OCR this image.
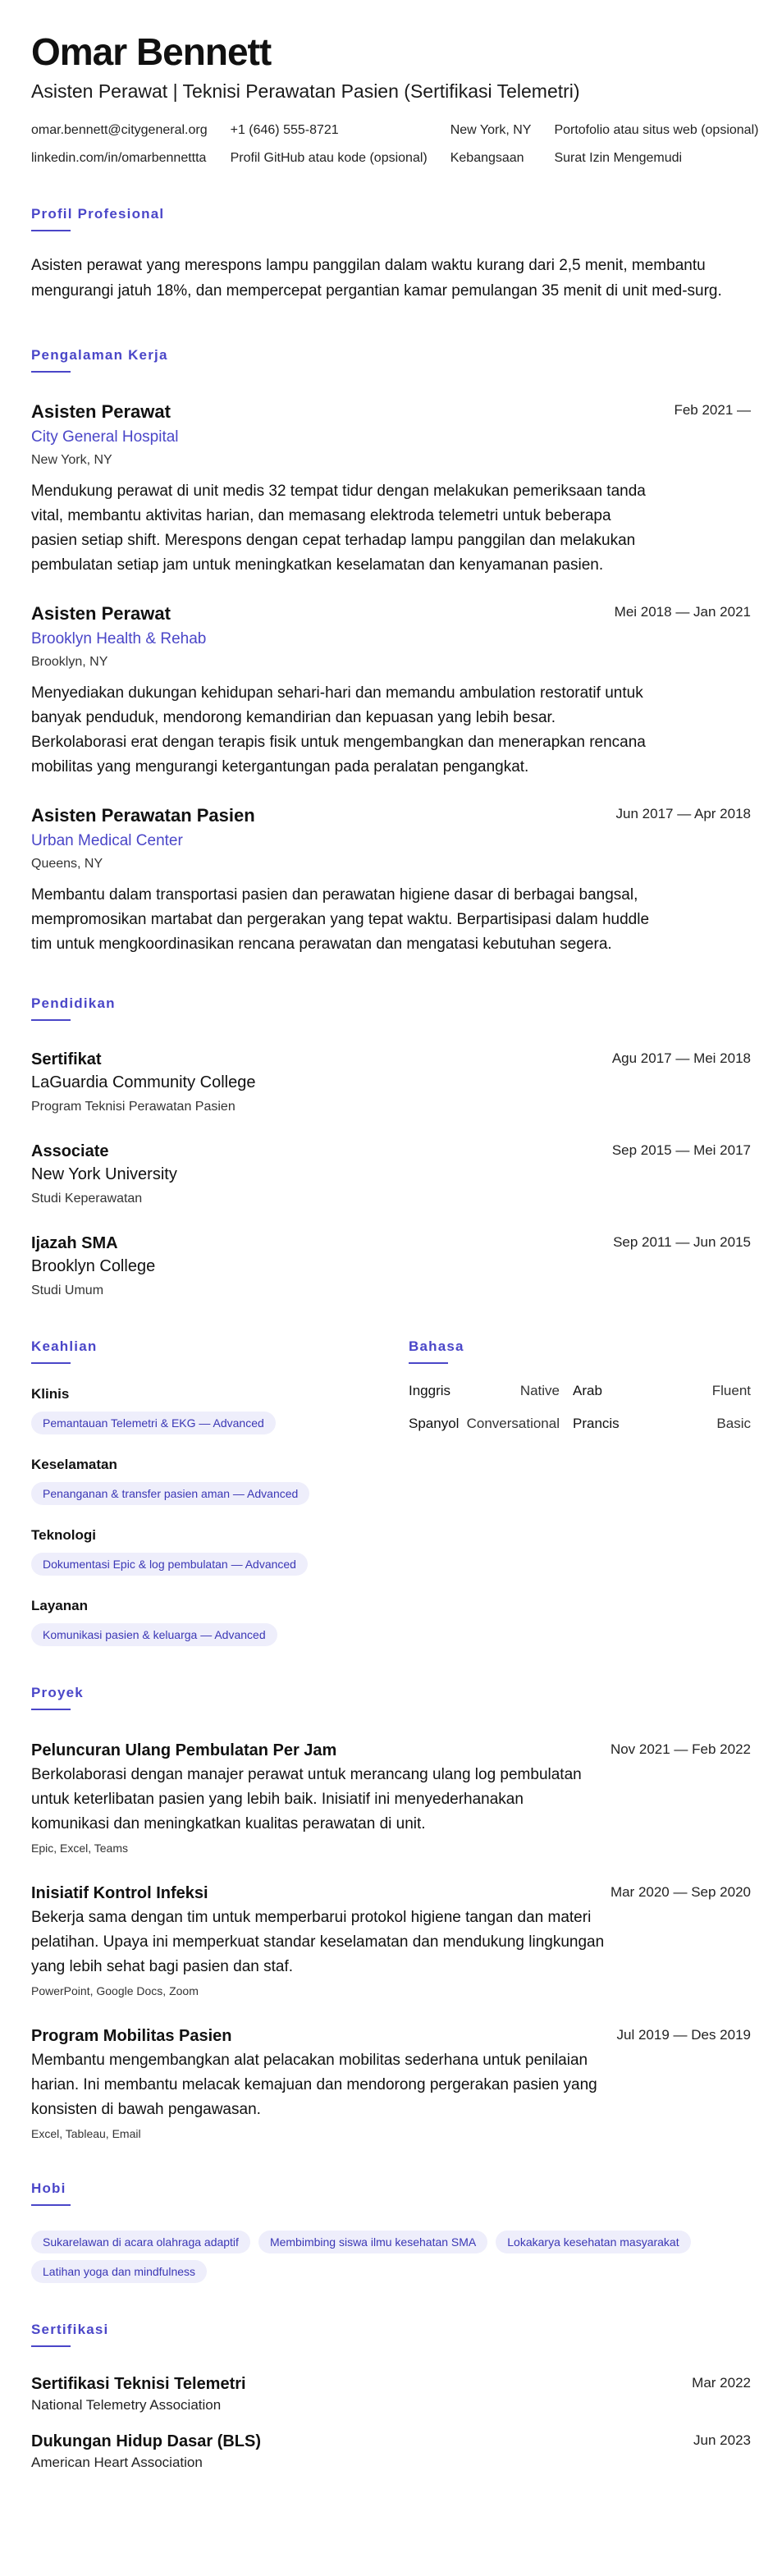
Omar Bennett
Asisten Perawat | Teknisi Perawatan Pasien (Sertifikasi Telemetri)
omar.bennett@citygeneral.org +1 (646) 555-8721	New York, NY Portofolio atau situs web (opsional)
linkedin.com/in/omarbennettta Profil GitHub atau kode (opsional) Kebangsaan	Surat Izin Mengemudi
Profil Profesional
Asisten perawat yang merespons lampu panggilan dalam waktu kurang dari 2,5 menit, membantu mengurangi jatuh 18%, dan mempercepat pergantian kamar pemulangan 35 menit di unit med-surg.
Pengalaman Kerja
Asisten Perawat	Feb 2021 —
City General Hospital
New York, NY
Mendukung perawat di unit medis 32 tempat tidur dengan melakukan pemeriksaan tanda vital, membantu aktivitas harian, dan memasang elektroda telemetri untuk beberapa pasien setiap shift. Merespons dengan cepat terhadap lampu panggilan dan melakukan pembulatan setiap jam untuk meningkatkan keselamatan dan kenyamanan pasien.
Asisten Perawat	Mei 2018 — Jan 2021
Brooklyn Health & Rehab
Brooklyn, NY
Menyediakan dukungan kehidupan sehari-hari dan memandu ambulation restoratif untuk banyak penduduk, mendorong kemandirian dan kepuasan yang lebih besar. Berkolaborasi erat dengan terapis fisik untuk mengembangkan dan menerapkan rencana mobilitas yang mengurangi ketergantungan pada peralatan pengangkat.
Asisten Perawatan Pasien	Jun 2017 — Apr 2018
Urban Medical Center
Queens, NY
Membantu dalam transportasi pasien dan perawatan higiene dasar di berbagai bangsal, mempromosikan martabat dan pergerakan yang tepat waktu. Berpartisipasi dalam huddle tim untuk mengkoordinasikan rencana perawatan dan mengatasi kebutuhan segera.
Pendidikan
Sertifikat	Agu 2017 — Mei 2018
LaGuardia Community College
Program Teknisi Perawatan Pasien
Associate	Sep 2015 — Mei 2017
New York University
Studi Keperawatan
Ijazah SMA	Sep 2011 — Jun 2015
Brooklyn College
Studi Umum
Keahlian
Klinis
Pemantauan Telemetri & EKG — Advanced
Keselamatan
Penanganan & transfer pasien aman — Advanced
Teknologi
Dokumentasi Epic & log pembulatan — Advanced
Layanan
Komunikasi pasien & keluarga — Advanced
Bahasa
Inggris	Native Arab	Fluent
Spanyol Conversational Prancis	Basic
Proyek
Peluncuran Ulang Pembulatan Per Jam	Nov 2021 — Feb 2022
Berkolaborasi dengan manajer perawat untuk merancang ulang log pembulatan untuk keterlibatan pasien yang lebih baik. Inisiatif ini menyederhanakan komunikasi dan meningkatkan kualitas perawatan di unit.
Epic, Excel, Teams
Inisiatif Kontrol Infeksi	Mar 2020 — Sep 2020
Bekerja sama dengan tim untuk memperbarui protokol higiene tangan dan materi pelatihan. Upaya ini memperkuat standar keselamatan dan mendukung lingkungan yang lebih sehat bagi pasien dan staf.
PowerPoint, Google Docs, Zoom
Program Mobilitas Pasien	Jul 2019 — Des 2019
Membantu mengembangkan alat pelacakan mobilitas sederhana untuk penilaian harian. Ini membantu melacak kemajuan dan mendorong pergerakan pasien yang konsisten di bawah pengawasan.
Excel, Tableau, Email
Hobi
Sukarelawan di acara olahraga adaptif	Membimbing siswa ilmu kesehatan SMA	Lokakarya kesehatan masyarakatLatihan yoga dan mindfulness
Sertifikasi
Sertifikasi Teknisi Telemetri	Mar 2022
National Telemetry Association
Dukungan Hidup Dasar (BLS)	Jun 2023
American Heart Association
